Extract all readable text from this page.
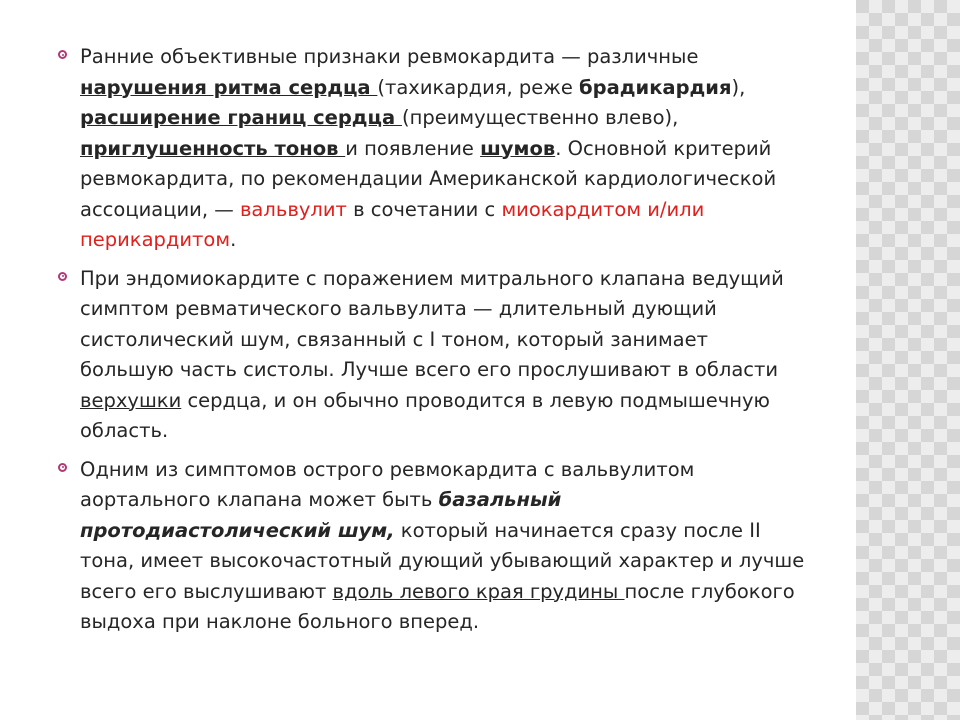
Ранние объективные признаки ревмокардита — различные нарушения ритма сердца (тахикардия, реже брадикардия), расширение границ сердца (преимущественно влево), приглушенность тонов и появление шумов. Основной критерий ревмокардита, по рекомендации Американской кардиологической ассоциации, — вальвулит в сочетании с миокардитом и/или перикардитом.
При эндомиокардите с поражением митрального клапана ведущий симптом ревматического вальвулита — длительный дующий систолический шум, связанный с I тоном, который занимает большую часть систолы. Лучше всего его прослушивают в области верхушки сердца, и он обычно проводится в левую подмышечную область.
Одним из симптомов острого ревмокардита с вальвулитом аортального клапана может быть базальный протодиастолический шум, который начинается сразу после II тона, имеет высокочастотный дующий убывающий характер и лучше всего его выслушивают вдоль левого края грудины после глубокого выдоха при наклоне больного вперед.
